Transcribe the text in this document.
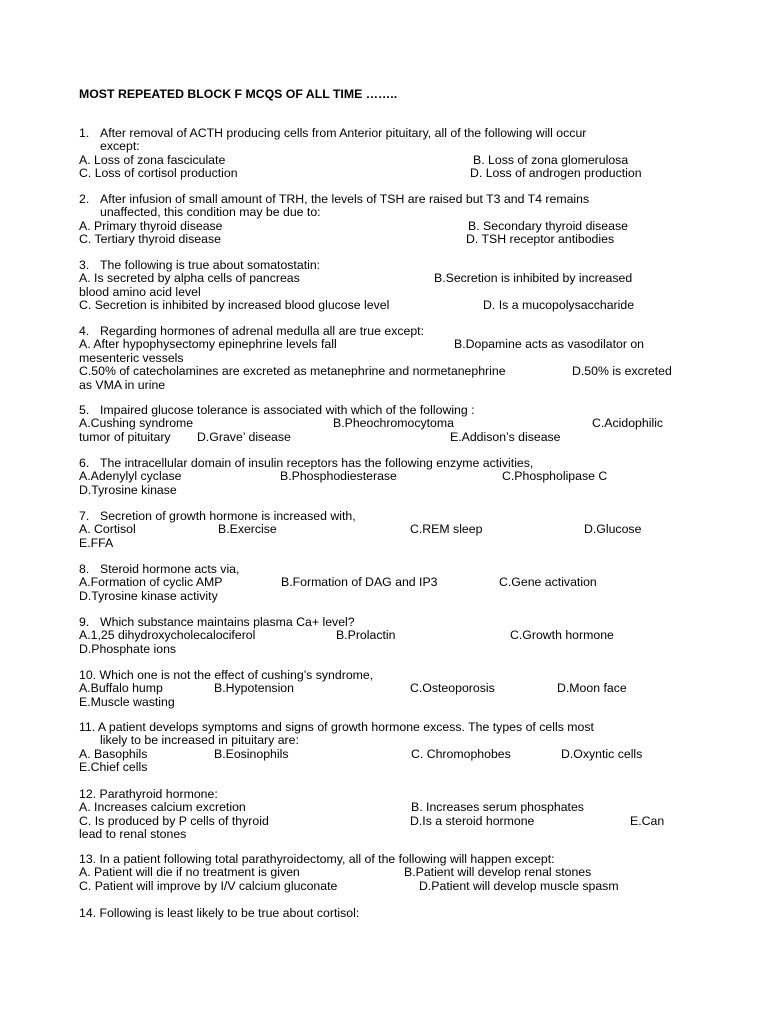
MOST REPEATED BLOCK F MCQS OF ALL TIME ……..
1. After removal of ACTH producing cells from Anterior pituitary, all of the following will occur
except:
A. Loss of zona fasciculate	B. Loss of zona glomerulosa
C. Loss of cortisol production	D. Loss of androgen production
2. After infusion of small amount of TRH, the levels of TSH are raised but T3 and T4 remains
unaffected, this condition may be due to:
A. Primary thyroid disease	B. Secondary thyroid disease
C. Tertiary thyroid disease	D. TSH receptor antibodies
3. The following is true about somatostatin:
A. Is secreted by alpha cells of pancreas	B.Secretion is inhibited by increased
blood amino acid level
C. Secretion is inhibited by increased blood glucose level	D. Is a mucopolysaccharide
4. Regarding hormones of adrenal medulla all are true except:
A. After hypophysectomy epinephrine levels fall	B.Dopamine acts as vasodilator on
mesenteric vessels
C.50% of catecholamines are excreted as metanephrine and normetanephrine	D.50% is excreted
as VMA in urine
5. Impaired glucose tolerance is associated with which of the following :
A.Cushing syndrome	B.Pheochromocytoma	C.Acidophilic
tumor of pituitary D.Grave’ disease	E.Addison’s disease
6. The intracellular domain of insulin receptors has the following enzyme activities,
A.Adenylyl cyclase	B.Phosphodiesterase	C.Phospholipase C
D.Tyrosine kinase
7. Secretion of growth hormone is increased with,
A. Cortisol	B.Exercise	C.REM sleep	D.Glucose
E.FFA
8. Steroid hormone acts via,
A.Formation of cyclic AMP	B.Formation of DAG and IP3	C.Gene activation
D.Tyrosine kinase activity
9. Which substance maintains plasma Ca+ level?
A.1,25 dihydroxycholecalociferol	B.Prolactin	C.Growth hormone
D.Phosphate ions
10. Which one is not the effect of cushing’s syndrome,
A.Buffalo hump	B.Hypotension	C.Osteoporosis	D.Moon face
E.Muscle wasting
11. A patient develops symptoms and signs of growth hormone excess. The types of cells most
likely to be increased in pituitary are:
A. Basophils	B.Eosinophils	C. Chromophobes	D.Oxyntic cells
E.Chief cells
12. Parathyroid hormone:
A. Increases calcium excretion	B. Increases serum phosphates
C. Is produced by P cells of thyroid	D.Is a steroid hormone	E.Can
lead to renal stones
13. In a patient following total parathyroidectomy, all of the following will happen except:
A. Patient will die if no treatment is given	B.Patient will develop renal stones
C. Patient will improve by I/V calcium gluconate	D.Patient will develop muscle spasm
14. Following is least likely to be true about cortisol:
